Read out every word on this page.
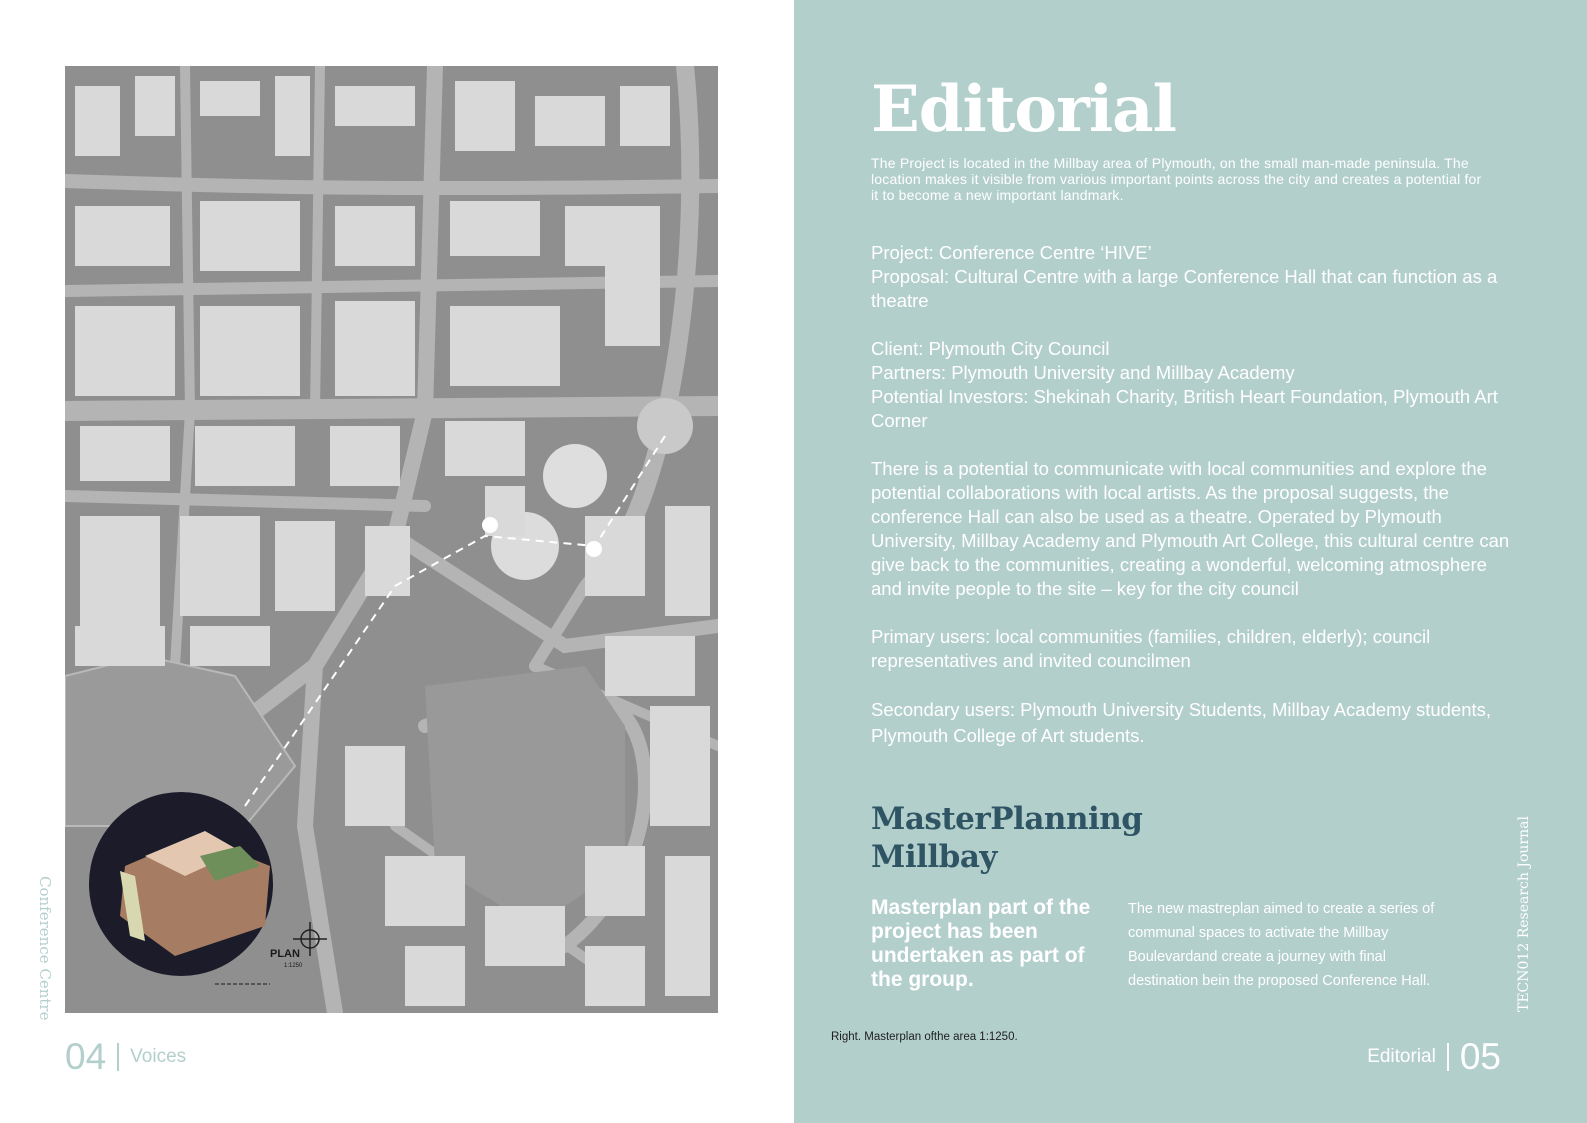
PLAN
1:1250
Conference Centre
04 Voices
Editorial
The Project is located in the Millbay area of Plymouth, on the small man-made peninsula. The location makes it visible from various important points across the city and creates a potential for it to become a new important landmark.

Project: Conference Centre ‘HIVE’

Proposal: Cultural Centre with a large Conference Hall that can function as a theatre

Client: Plymouth City Council

Partners: Plymouth University and Millbay Academy

Potential Investors: Shekinah Charity, British Heart Foundation, Plymouth Art Corner

There is a potential to communicate with local communities and explore the potential collaborations with local artists. As the proposal suggests, the conference Hall can also be used as a theatre. Operated by Plymouth University, Millbay Academy and Plymouth Art College, this cultural centre can give back to the communities, creating a wonderful, welcoming atmosphere and invite people to the site – key for the city council

Primary users: local communities (families, children, elderly); council representatives and invited councilmen

Secondary users: Plymouth University Students, Millbay Academy students, Plymouth College of Art students.

MasterPlanning Millbay
Masterplan part of the project has been undertaken as part of the group.
The new mastreplan aimed to create a series of communal spaces to activate the Millbay Boulevardand create a journey with final destination bein the proposed Conference Hall.
Right. Masterplan ofthe area 1:1250.
TECN012 Research Journal
Editorial 05
